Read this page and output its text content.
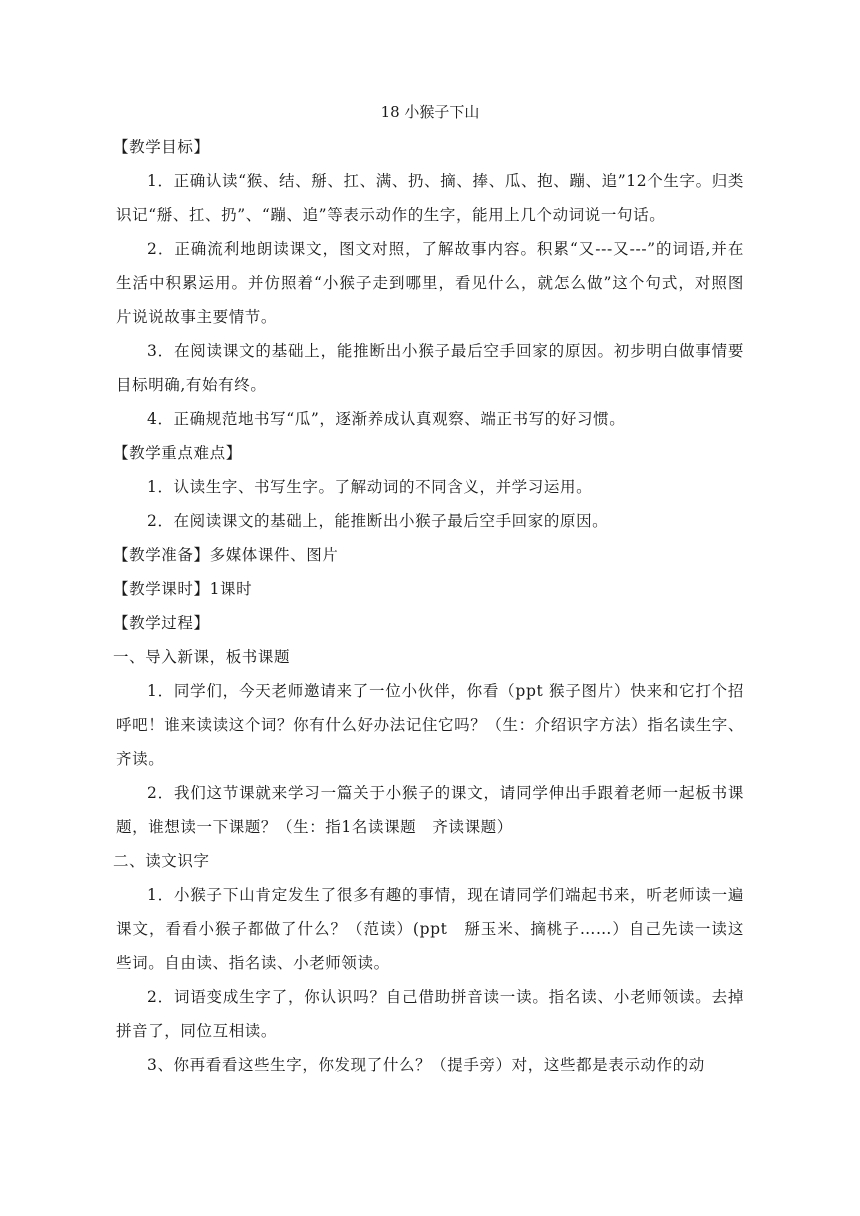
18 小猴子下山

【教学目标】

1．正确认读“猴、结、掰、扛、满、扔、摘、捧、瓜、抱、蹦、追”12个生字。归类识记“掰、扛、扔”、“蹦、追”等表示动作的生字，能用上几个动词说一句话。

2．正确流利地朗读课文，图文对照，了解故事内容。积累“又---又---”的词语,并在生活中积累运用。并仿照着“小猴子走到哪里，看见什么，就怎么做”这个句式，对照图片说说故事主要情节。

3．在阅读课文的基础上，能推断出小猴子最后空手回家的原因。初步明白做事情要目标明确,有始有终。

4．正确规范地书写“瓜”，逐渐养成认真观察、端正书写的好习惯。

【教学重点难点】

1．认读生字、书写生字。了解动词的不同含义，并学习运用。

2．在阅读课文的基础上，能推断出小猴子最后空手回家的原因。

【教学准备】多媒体课件、图片

【教学课时】1课时

【教学过程】

一、导入新课，板书课题

1．同学们，今天老师邀请来了一位小伙伴，你看（ppt 猴子图片）快来和它打个招呼吧！谁来读读这个词？你有什么好办法记住它吗？（生：介绍识字方法）指名读生字、齐读。

2．我们这节课就来学习一篇关于小猴子的课文，请同学伸出手跟着老师一起板书课题，谁想读一下课题？（生：指1名读课题　齐读课题）

二、读文识字

1．小猴子下山肯定发生了很多有趣的事情，现在请同学们端起书来，听老师读一遍课文，看看小猴子都做了什么？（范读）(ppt　掰玉米、摘桃子……）自己先读一读这些词。自由读、指名读、小老师领读。

2．词语变成生字了，你认识吗？自己借助拼音读一读。指名读、小老师领读。去掉拼音了，同位互相读。

3、你再看看这些生字，你发现了什么？（提手旁）对，这些都是表示动作的动
